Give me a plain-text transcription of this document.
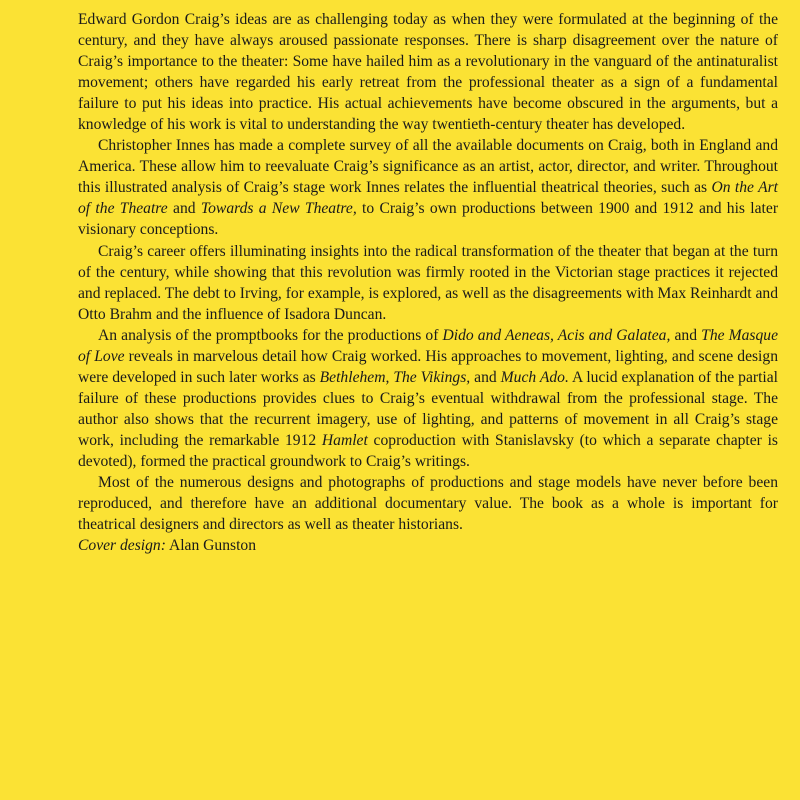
Edward Gordon Craig’s ideas are as challenging today as when they were formulated at the beginning of the century, and they have always aroused passionate responses. There is sharp disagreement over the nature of Craig’s importance to the theater: Some have hailed him as a revolutionary in the vanguard of the antinaturalist movement; others have regarded his early retreat from the professional theater as a sign of a fundamental failure to put his ideas into practice. His actual achievements have become obscured in the arguments, but a knowledge of his work is vital to understanding the way twentieth-century theater has developed.

Christopher Innes has made a complete survey of all the available documents on Craig, both in England and America. These allow him to reevaluate Craig’s significance as an artist, actor, director, and writer. Throughout this illustrated analysis of Craig’s stage work Innes relates the influential theatrical theories, such as On the Art of the Theatre and Towards a New Theatre, to Craig’s own productions between 1900 and 1912 and his later visionary conceptions.

Craig’s career offers illuminating insights into the radical transformation of the theater that began at the turn of the century, while showing that this revolution was firmly rooted in the Victorian stage practices it rejected and replaced. The debt to Irving, for example, is explored, as well as the disagreements with Max Reinhardt and Otto Brahm and the influence of Isadora Duncan.

An analysis of the promptbooks for the productions of Dido and Aeneas, Acis and Galatea, and The Masque of Love reveals in marvelous detail how Craig worked. His approaches to movement, lighting, and scene design were developed in such later works as Bethlehem, The Vikings, and Much Ado. A lucid explanation of the partial failure of these productions provides clues to Craig’s eventual withdrawal from the professional stage. The author also shows that the recurrent imagery, use of lighting, and patterns of movement in all Craig’s stage work, including the remarkable 1912 Hamlet coproduction with Stanislavsky (to which a separate chapter is devoted), formed the practical groundwork to Craig’s writings.

Most of the numerous designs and photographs of productions and stage models have never before been reproduced, and therefore have an additional documentary value. The book as a whole is important for theatrical designers and directors as well as theater historians.

Cover design: Alan Gunston
